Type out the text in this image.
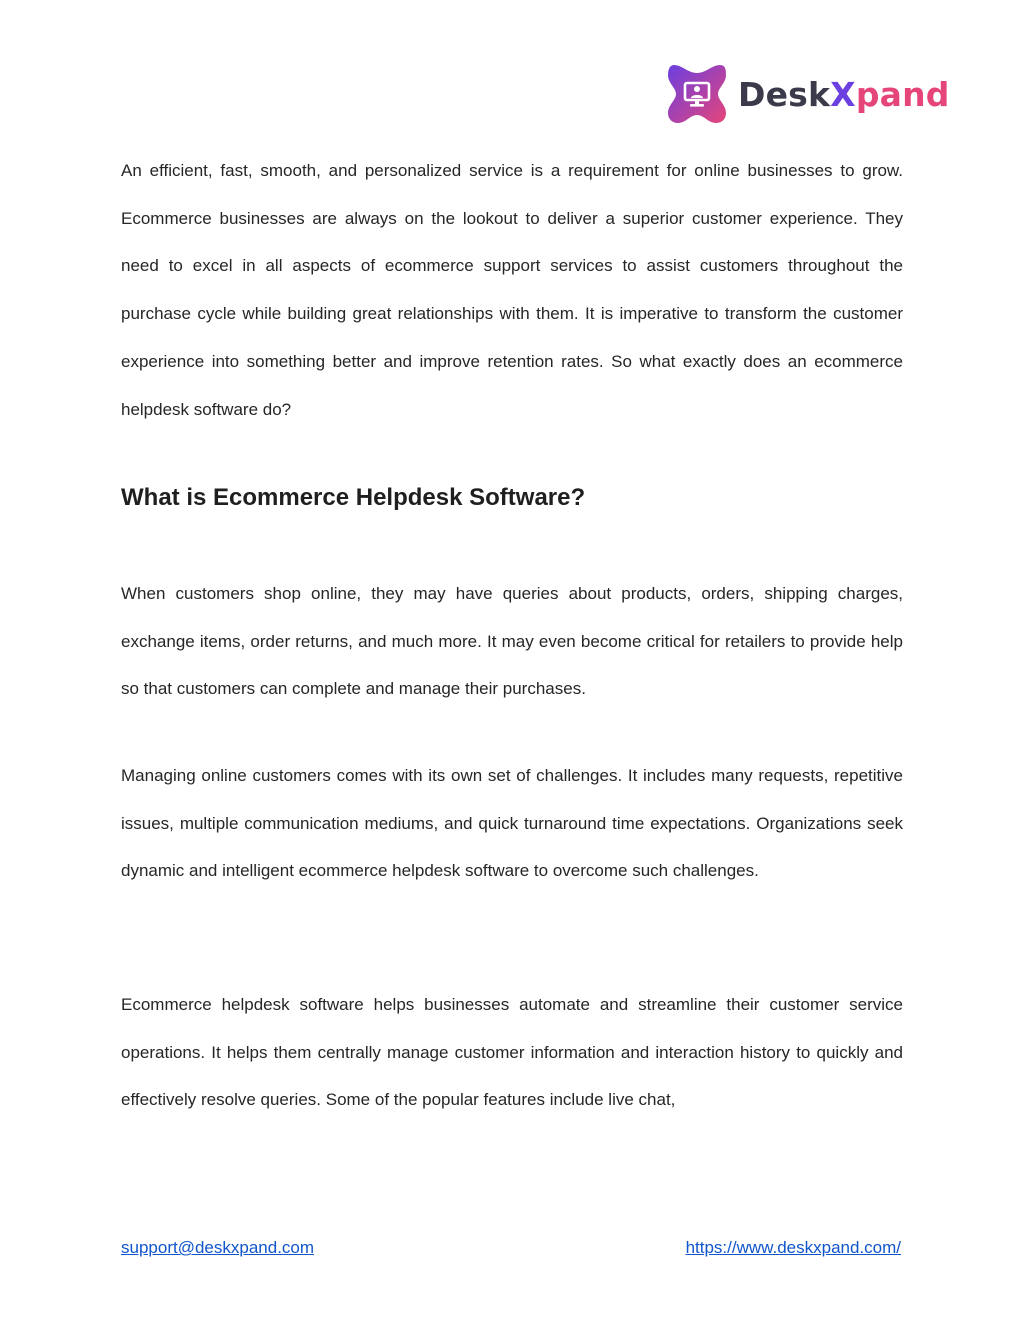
DeskXpand

An efficient, fast, smooth, and personalized service is a requirement for online businesses to grow. Ecommerce businesses are always on the lookout to deliver a superior customer experience. They need to excel in all aspects of ecommerce support services to assist customers throughout the purchase cycle while building great relationships with them. It is imperative to transform the customer experience into something better and improve retention rates. So what exactly does an ecommerce helpdesk software do?

What is Ecommerce Helpdesk Software?

When customers shop online, they may have queries about products, orders, shipping charges, exchange items, order returns, and much more. It may even become critical for retailers to provide help so that customers can complete and manage their purchases.

Managing online customers comes with its own set of challenges. It includes many requests, repetitive issues, multiple communication mediums, and quick turnaround time expectations. Organizations seek dynamic and intelligent ecommerce helpdesk software to overcome such challenges.

Ecommerce helpdesk software helps businesses automate and streamline their customer service operations. It helps them centrally manage customer information and interaction history to quickly and effectively resolve queries. Some of the popular features include live chat,

support@deskxpand.com	https://www.deskxpand.com/
